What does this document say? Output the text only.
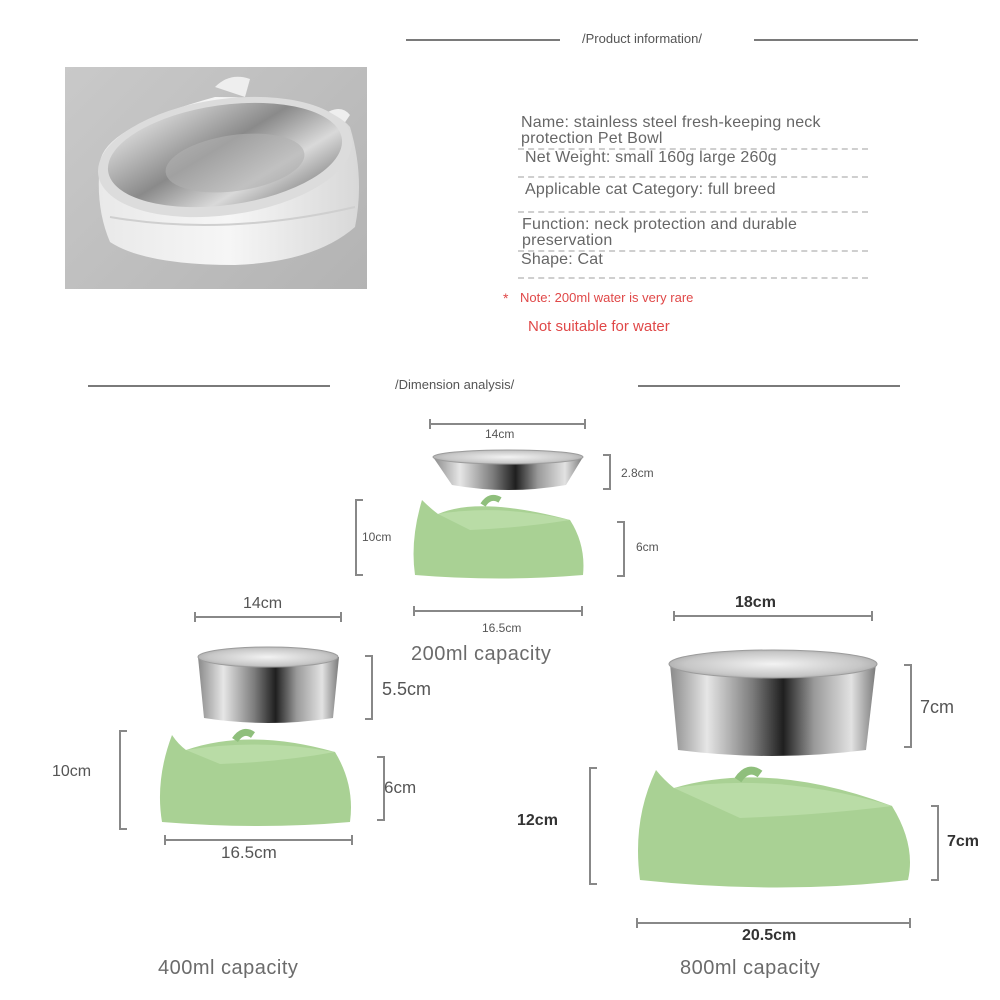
/Product information/
Name: stainless steel fresh-keeping neck
protection Pet Bowl
Net Weight: small 160g large 260g
Applicable cat Category: full breed
Function: neck protection and durable
preservation
Shape: Cat
* Note: 200ml water is very rare
Not suitable for water
/Dimension analysis/
14cm
2.8cm
10cm
6cm
16.5cm
200ml capacity
14cm
5.5cm
10cm
6cm
16.5cm
400ml capacity
18cm
7cm
12cm
7cm
20.5cm
800ml capacity
